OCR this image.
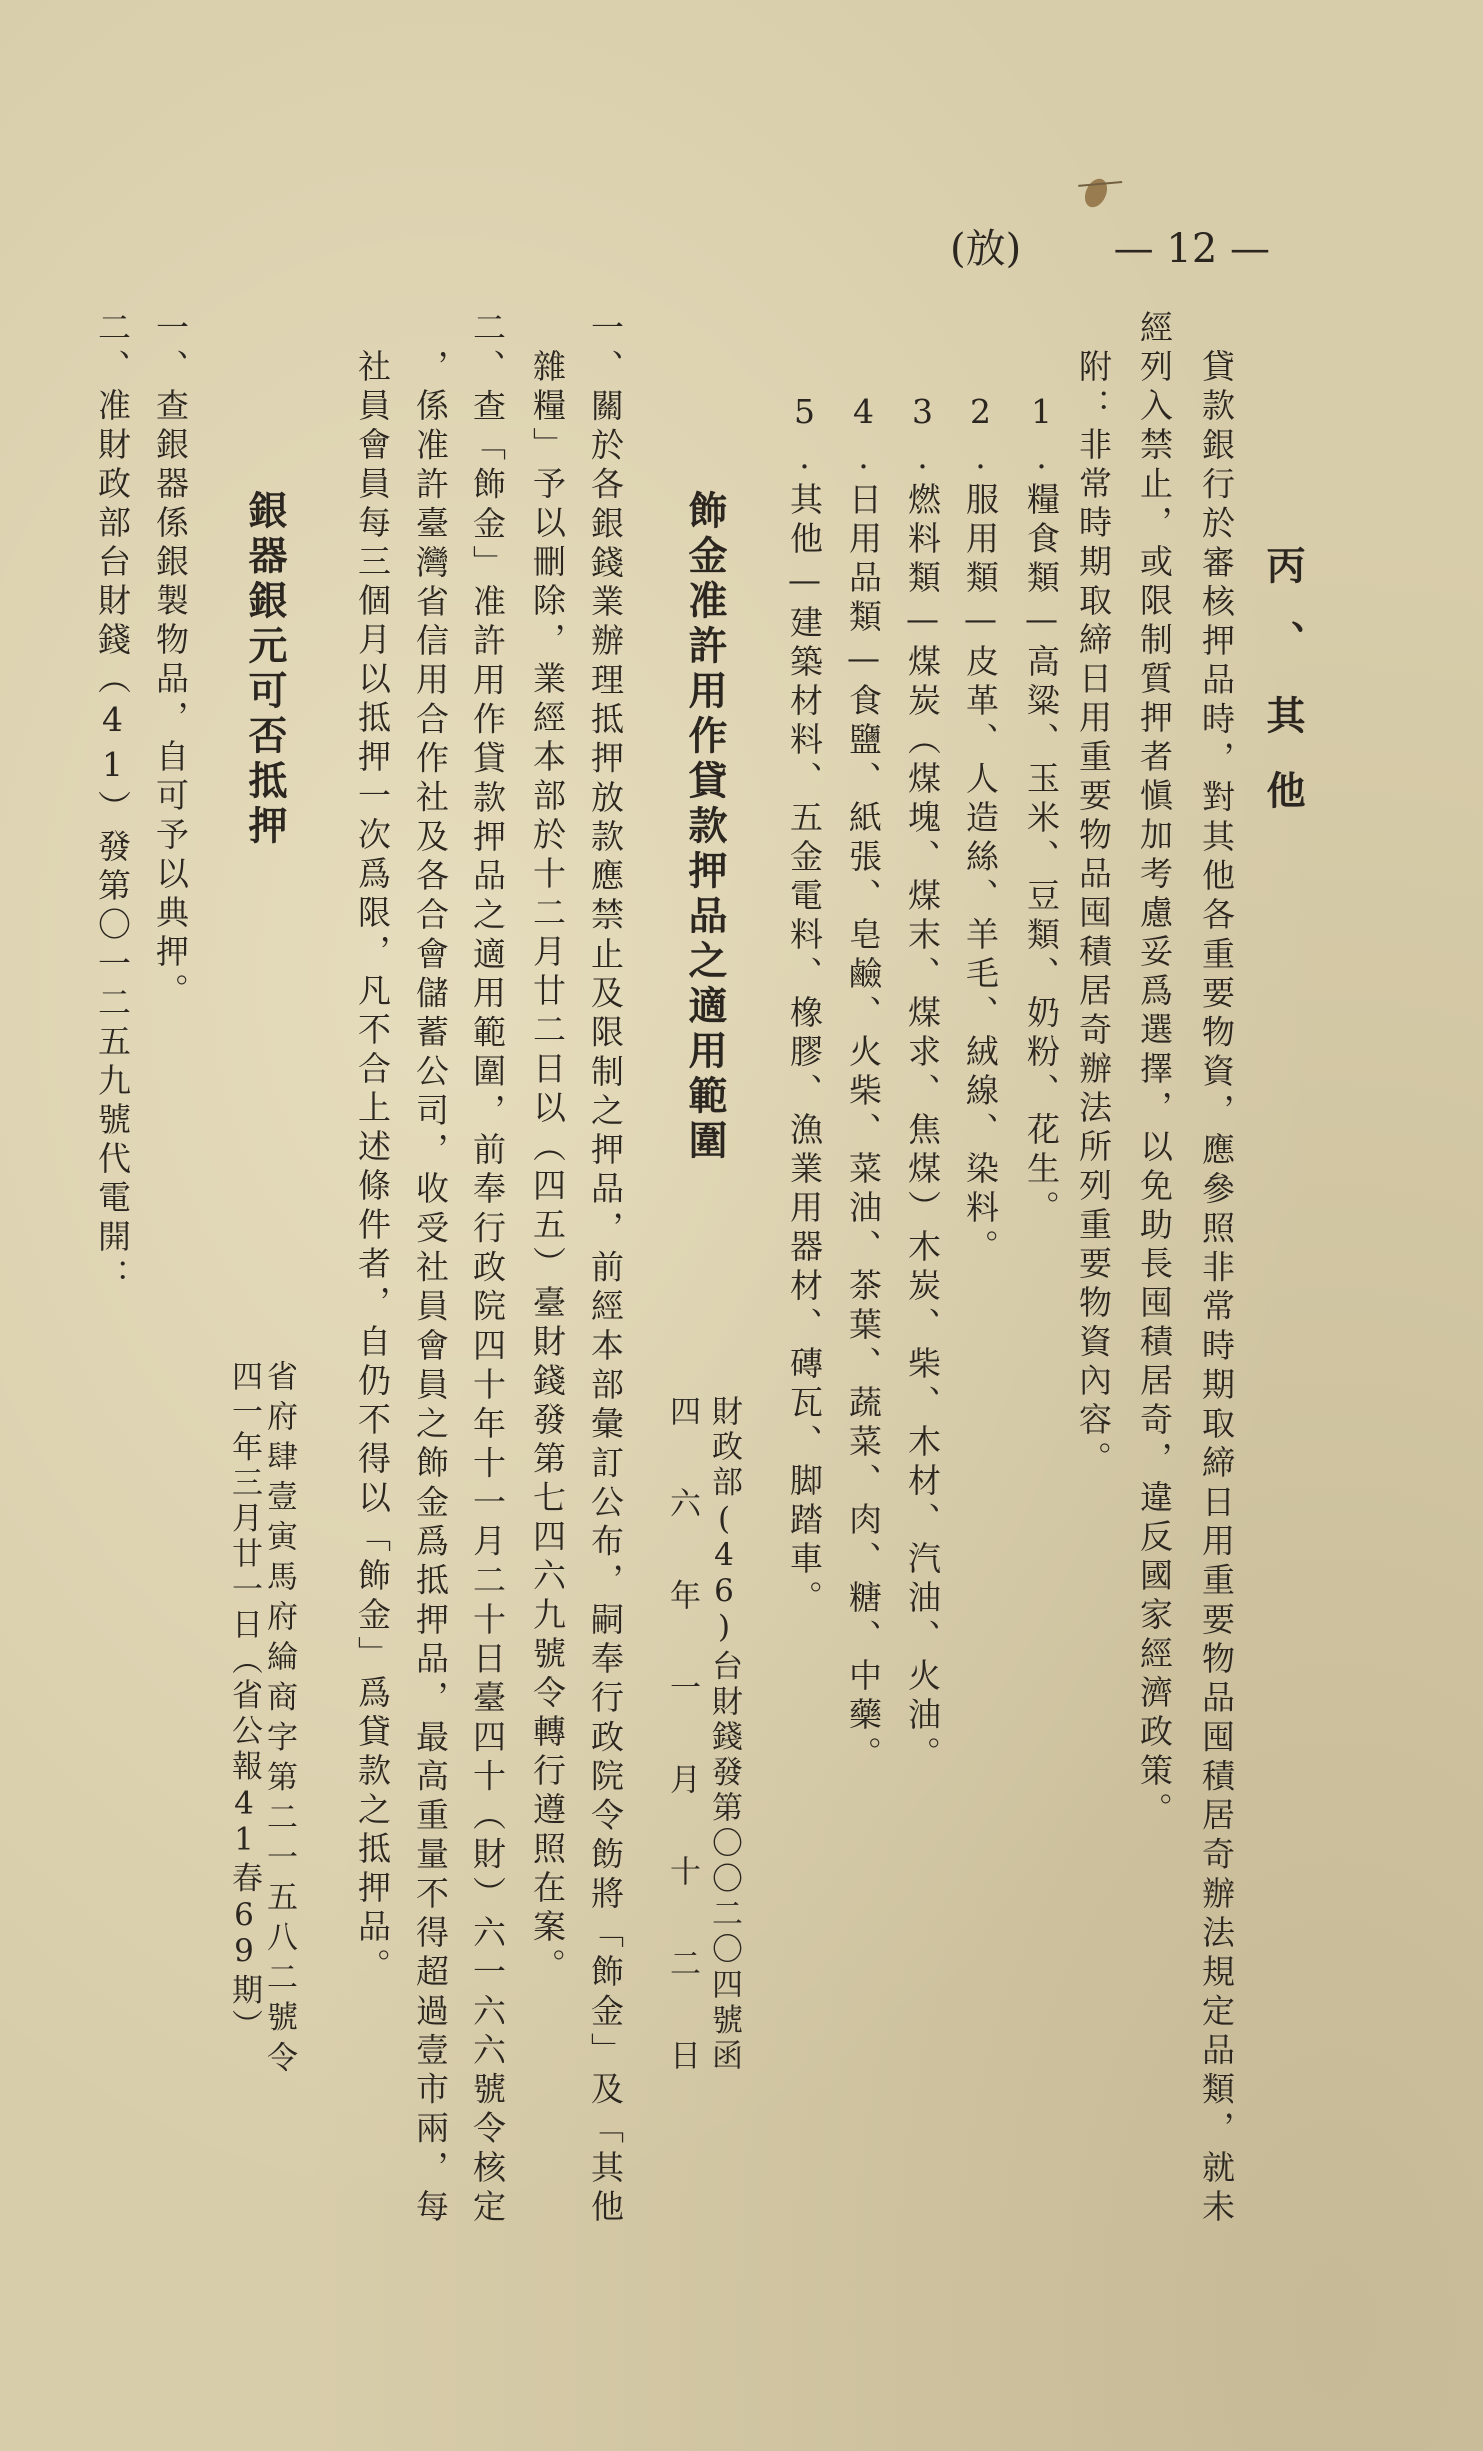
(放) — 12 —
丙、其他
貸款銀行於審核押品時，對其他各重要物資，應參照非常時期取締日用重要物品囤積居奇辦法規定品類，就未
經列入禁止，或限制質押者愼加考慮妥爲選擇，以免助長囤積居奇，違反國家經濟政策。
附：非常時期取締日用重要物品囤積居奇辦法所列重要物資內容。
1.糧食類—高粱、玉米、豆類、奶粉、花生。
2.服用類—皮革、人造絲、羊毛、絨線、染料。
3.燃料類—煤炭（煤塊、煤末、煤求、焦煤）木炭、柴、木材、汽油、火油。
4.日用品類—食鹽、紙張、皂鹼、火柴、菜油、茶葉、蔬菜、肉、糖、中藥。
5.其他—建築材料、五金電料、橡膠、漁業用器材、磚瓦、脚踏車。
財政部(46)台財錢發第〇〇二〇四號函
四六年一月十二日
飾金准許用作貸款押品之適用範圍
一、關於各銀錢業辦理抵押放款應禁止及限制之押品，前經本部彙訂公布，嗣奉行政院令飭將「飾金」及「其他
雜糧」予以刪除，業經本部於十二月廿二日以（四五）臺財錢發第七四六九號令轉行遵照在案。
二、查「飾金」准許用作貸款押品之適用範圍，前奉行政院四十年十一月二十日臺四十（財）六一六六號令核定
，係准許臺灣省信用合作社及各合會儲蓄公司，收受社員會員之飾金爲抵押品，最高重量不得超過壹市兩，每
社員會員每三個月以抵押一次爲限，凡不合上述條件者，自仍不得以「飾金」爲貸款之抵押品。
省府肆壹寅馬府綸商字第二一五八二號令
四一年三月廿一日（省公報41春69期）
銀器銀元可否抵押
一、查銀器係銀製物品，自可予以典押。
二、准財政部台財錢（41）發第〇一二五九號代電開：
